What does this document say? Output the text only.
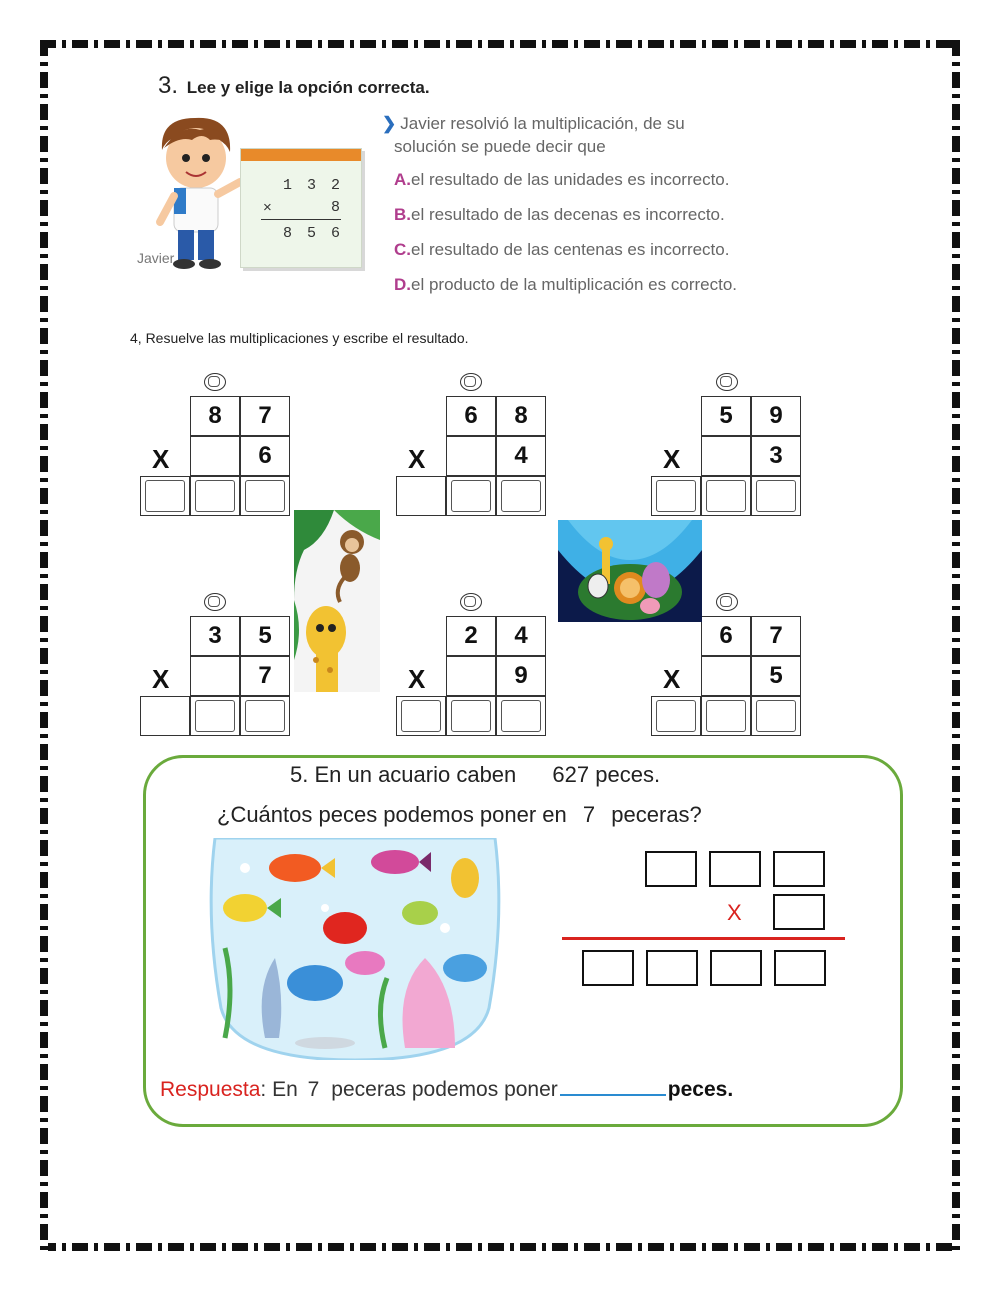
3. Lee y elige la opción correcta.
Javier
1 3 2
×	8
8 5 6
❯ Javier resolvió la multiplicación, de su
solución se puede decir que
A.el resultado de las unidades es incorrecto.
B.el resultado de las decenas es incorrecto.
C.el resultado de las centenas es incorrecto.
D.el producto de la multiplicación es correcto.
4, Resuelve las multiplicaciones y escribe el resultado.
8	7
X	6
6	8
X	4
5	9
X	3
3	5
X	7
2	4
X	9
6	7
X	5
5. En un acuario caben 627 peces.
¿Cuántos peces podemos poner en 7 peceras?
X
Respuesta: En 7 peceras podemos poner	peces.
